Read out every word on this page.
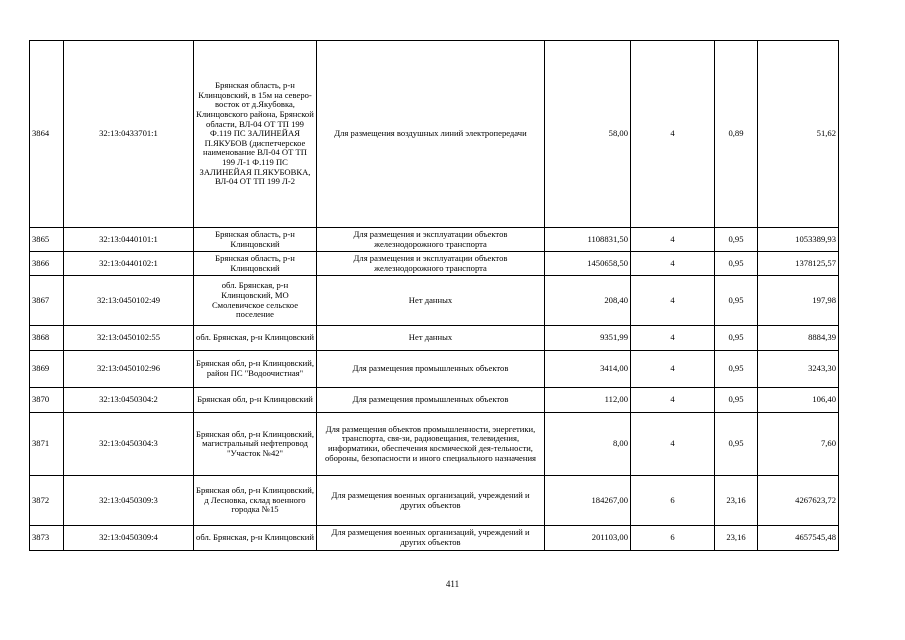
3864	32:13:0433701:1	Брянская область, р-н Клинцовский, в 15м на северо-восток от д.Якубовка, Клинцовского района, Брянской области, ВЛ-04 ОТ ТП 199 Ф.119 ПС ЗАЛИНЕЙАЯ П.ЯКУБОВ (диспетчерское наименование ВЛ-04 ОТ ТП 199 Л-1 Ф.119 ПС ЗАЛИНЕЙАЯ П.ЯКУБОВКА, ВЛ-04 ОТ ТП 199 Л-2	Для размещения воздушных линий электропередачи	58,00	4	0,89	51,62
3865	32:13:0440101:1	Брянская область, р-н Клинцовский	Для размещения и эксплуатации объектов железнодорожного транспорта	1108831,50	4	0,95	1053389,93
3866	32:13:0440102:1	Брянская область, р-н Клинцовский	Для размещения и эксплуатации объектов железнодорожного транспорта	1450658,50	4	0,95	1378125,57
3867	32:13:0450102:49	обл. Брянская, р-н Клинцовский, МО Смолевичское сельское поселение	Нет данных	208,40	4	0,95	197,98
3868	32:13:0450102:55	обл. Брянская, р-н Клинцовский	Нет данных	9351,99	4	0,95	8884,39
3869	32:13:0450102:96	Брянская обл, р-н Клинцовский, район ПС "Водоочистная"	Для размещения промышленных объектов	3414,00	4	0,95	3243,30
3870	32:13:0450304:2	Брянская обл, р-н Клинцовский	Для размещения промышленных объектов	112,00	4	0,95	106,40
3871	32:13:0450304:3	Брянская обл, р-н Клинцовский, магистральный нефтепровод "Участок №42"	Для размещения объектов промышленности, энергетики, транспорта, свя-зи, радиовещания, телевидения, информатики, обеспечения космической дея-тельности, обороны, безопасности и иного специального назначения	8,00	4	0,95	7,60
3872	32:13:0450309:3	Брянская обл, р-н Клинцовский, д Лесновка, склад военного городка №15	Для размещения военных организаций, учреждений и других объектов	184267,00	6	23,16	4267623,72
3873	32:13:0450309:4	обл. Брянская, р-н Клинцовский	Для размещения военных организаций, учреждений и других объектов	201103,00	6	23,16	4657545,48
411
